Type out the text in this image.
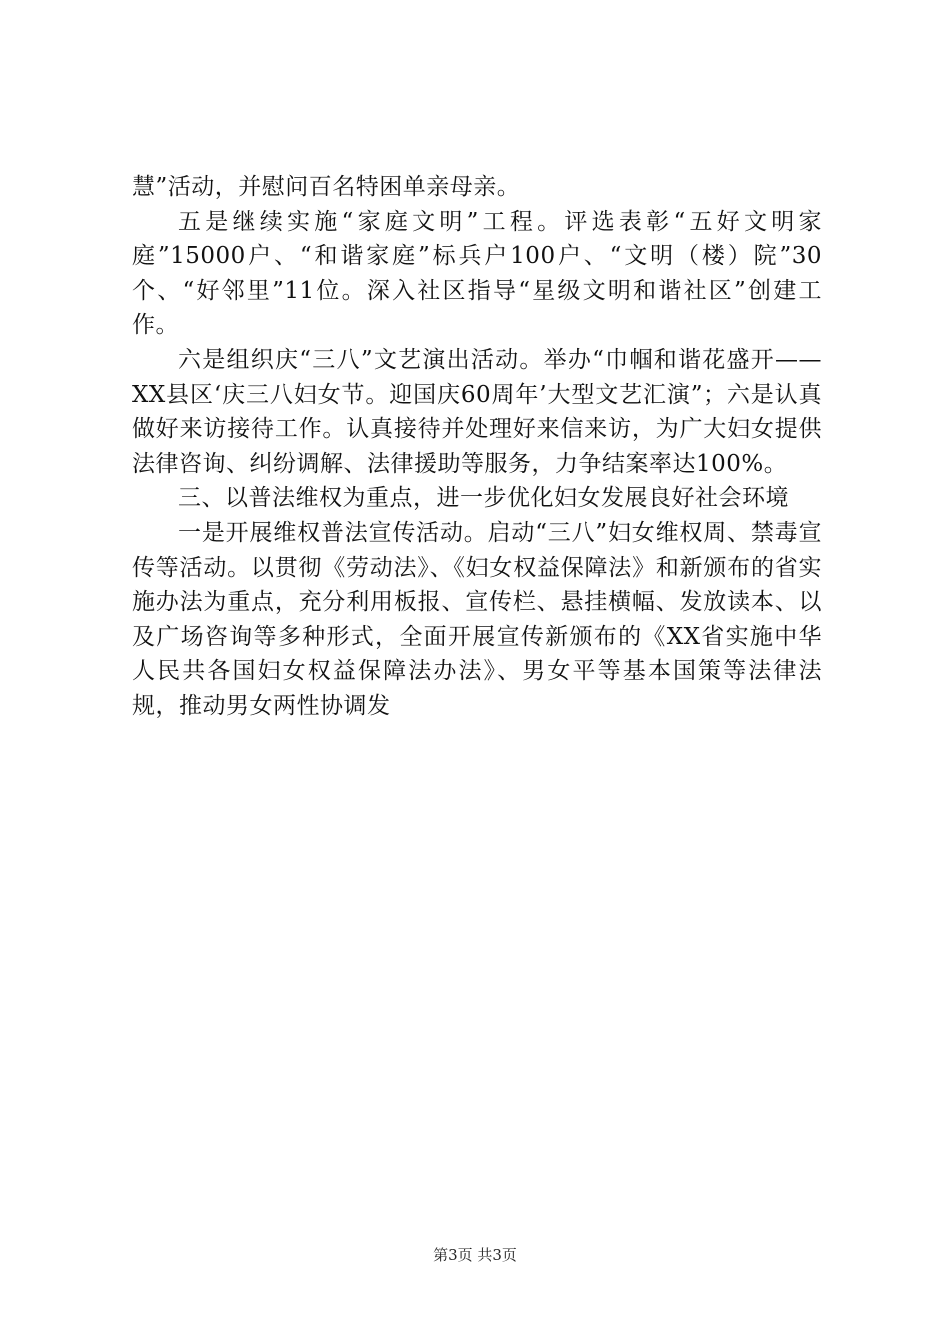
慧”活动，并慰问百名特困单亲母亲。

五是继续实施“家庭文明”工程。评选表彰“五好文明家庭”15000户、“和谐家庭”标兵户100户、“文明（楼）院”30个、“好邻里”11位。深入社区指导“星级文明和谐社区”创建工作。

六是组织庆“三八”文艺演出活动。举办“巾帼和谐花盛开——XX县区‘庆三八妇女节。迎国庆60周年’大型文艺汇演”；六是认真做好来访接待工作。认真接待并处理好来信来访，为广大妇女提供法律咨询、纠纷调解、法律援助等服务，力争结案率达100%。

三、以普法维权为重点，进一步优化妇女发展良好社会环境

一是开展维权普法宣传活动。启动“三八”妇女维权周、禁毒宣传等活动。以贯彻《劳动法》、《妇女权益保障法》和新颁布的省实施办法为重点，充分利用板报、宣传栏、悬挂横幅、发放读本、以及广场咨询等多种形式，全面开展宣传新颁布的《XX省实施中华人民共各国妇女权益保障法办法》、男女平等基本国策等法律法规，推动男女两性协调发

第3页 共3页
